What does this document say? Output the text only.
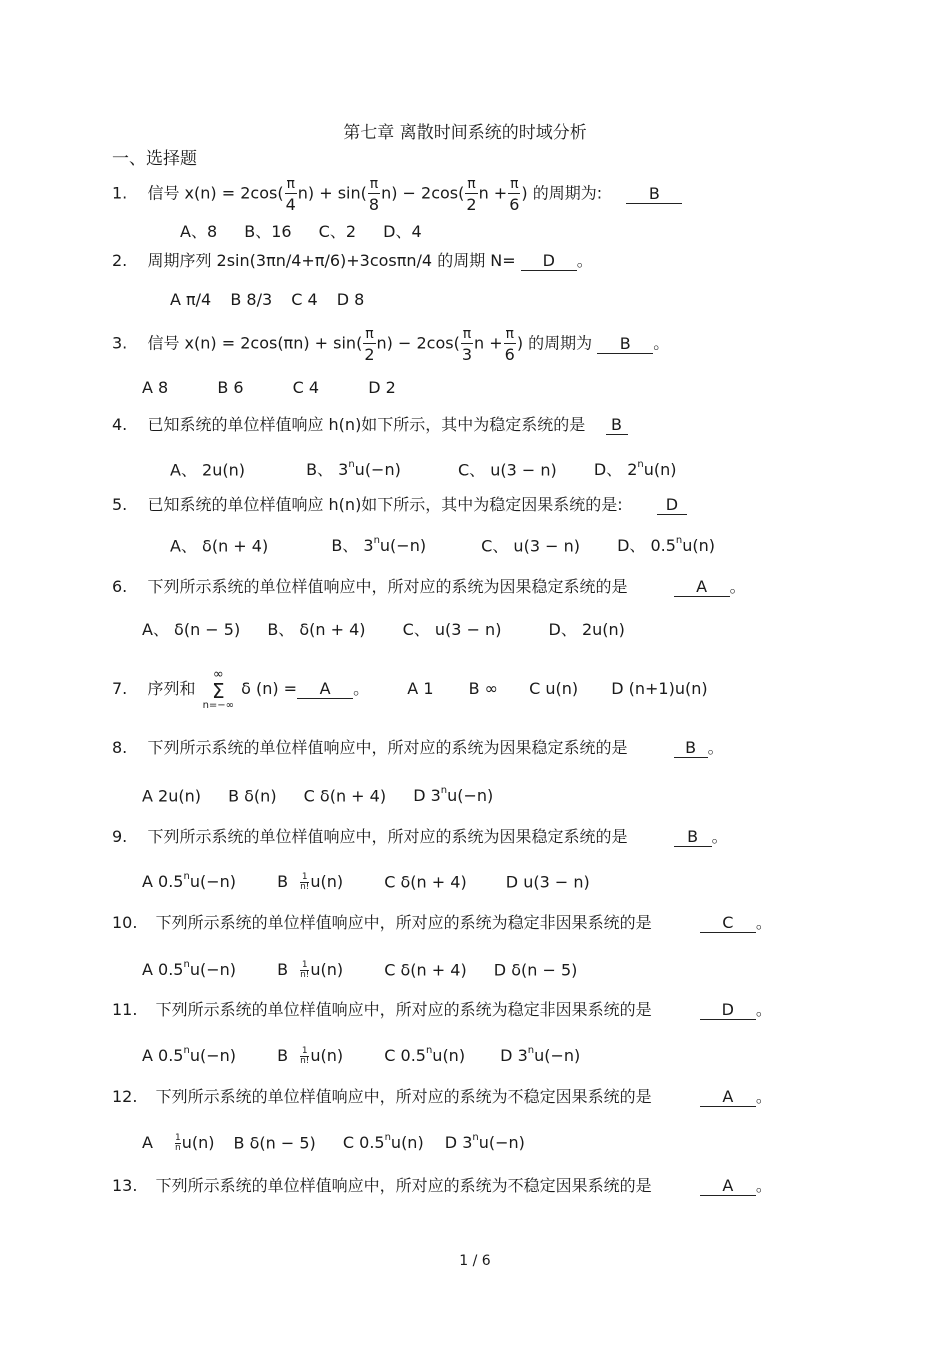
第七章 离散时间系统的时域分析
一、选择题
1. 信号 $x(n) = 2\cos( \frac{\pi}{4} n) + \sin( \frac{\pi}{8} n) - 2\cos( \frac{\pi}{2}$ $n + \frac{\pi}{6}$ ) 的周期为:	B
A、8 B、16 C、2 D、4
2. 周期序列 2sin(3πn/4+π/6)+3cosπn/4 的周期 N= D 。
A π/4 B 8/3 C 4 D 8
3. 信号 $x(n) = 2\cos(\pi n) + \sin( \frac{\pi}{2} n) - 2\cos( \frac{\pi}{3}$ $n + \frac{\pi}{6}$ ) 的周期为 B 。
A 8	B 6	C 4	D 2
4. 已知系统的单位样值响应 h(n)如下所示，其中为稳定系统的是 B
A、 2u(n)	B、 $3^nu(-n)$	C、 u(3 − n) D、 2$^n$u(n)
5. 已知系统的单位样值响应 h(n)如下所示，其中为稳定因果系统的是:	D
A、 δ(n + 4)	B、 $3^nu(-n)$	C、 u(3 − n) D、 0.5$^n$u(n)
6. 下列所示系统的单位样值响应中，所对应的系统为因果稳定系统的是	A 。
A、 δ(n − 5) B、 δ(n + 4) C、 u(3 − n)	D、 2u(n)
7. 序列和
∞
Σ
n=−∞
δ (n) = A 。 A 1 B ∞ C u(n) D (n+1)u(n)
8. 下列所示系统的单位样值响应中，所对应的系统为因果稳定系统的是	B 。
A 2u(n) B δ(n) C δ(n + 4) D $3^nu(-n)$
9. 下列所示系统的单位样值响应中，所对应的系统为因果稳定系统的是	B 。
A $0.5^nu(-n)$	B $\frac{1}{n!} u(n)$	C δ(n + 4) D u(3 − n)
10. 下列所示系统的单位样值响应中，所对应的系统为稳定非因果系统的是	C 。
A $0.5^nu(-n)$	B $\frac{1}{n!} u(n)$	C δ(n + 4) D δ(n − 5)
11. 下列所示系统的单位样值响应中，所对应的系统为稳定非因果系统的是	D 。
A $0.5^nu(-n)$	B $\frac{1}{n!} u(n)$	C 0.5$^n$u(n) D $3^nu(-n)$
12. 下列所示系统的单位样值响应中，所对应的系统为不稳定因果系统的是	A 。
A $\frac{1}{n} u(n)$ B δ(n − 5) C 0.5$^n$u(n) D $3^nu(-n)$
13. 下列所示系统的单位样值响应中，所对应的系统为不稳定因果系统的是	A 。
1 / 6
